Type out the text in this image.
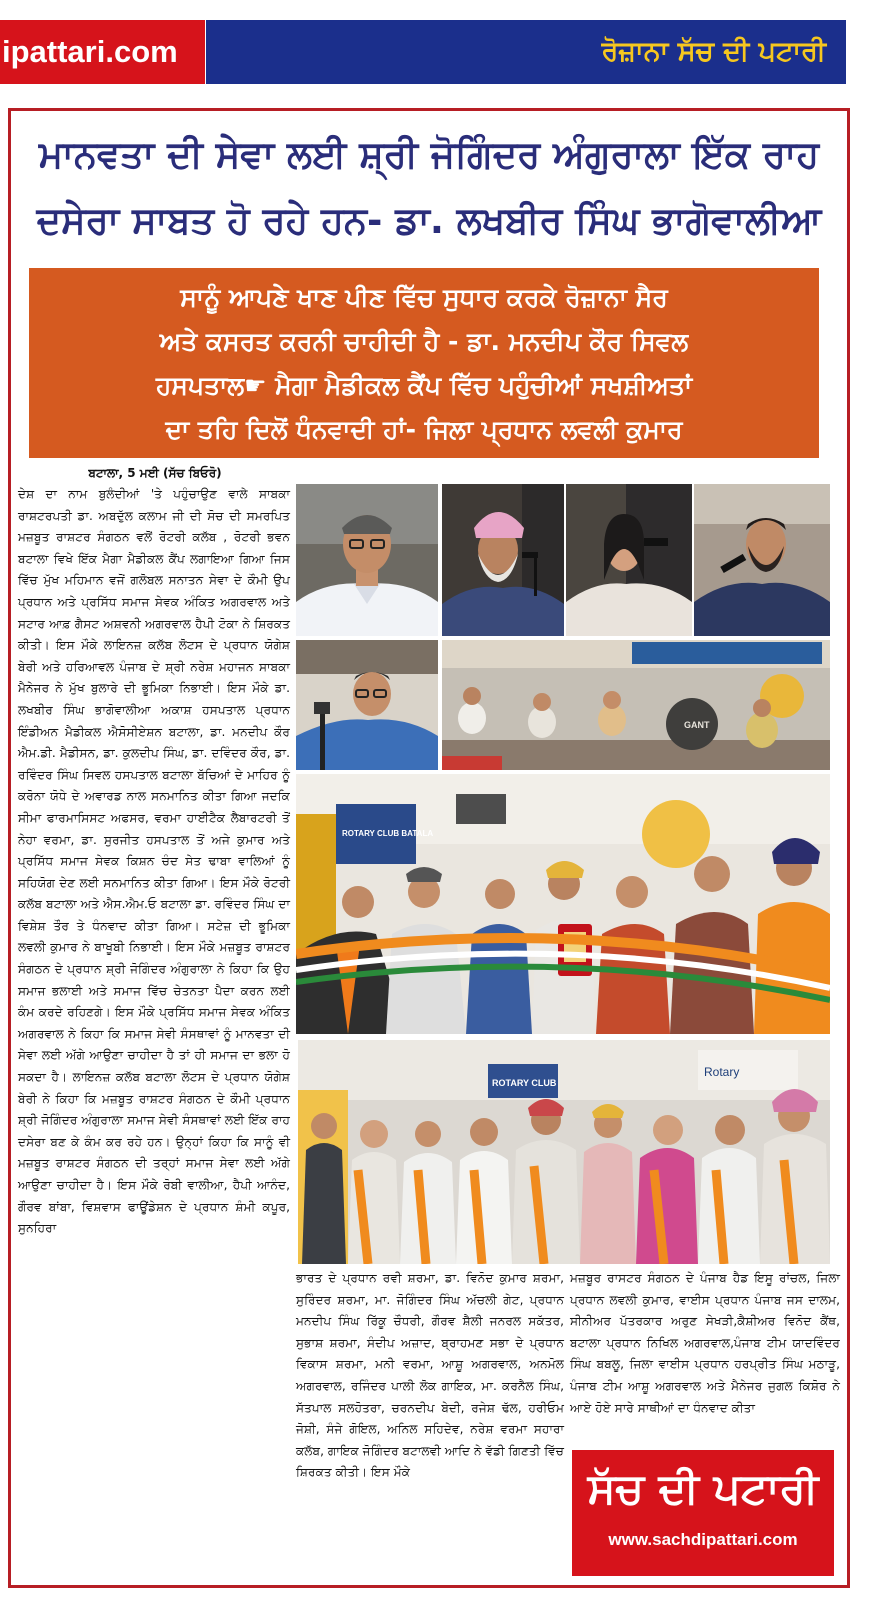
ipattari.com	ਰੋਜ਼ਾਨਾ ਸੱਚ ਦੀ ਪਟਾਰੀ
ਮਾਨਵਤਾ ਦੀ ਸੇਵਾ ਲਈ ਸ਼੍ਰੀ ਜੋਗਿੰਦਰ ਅੰਗੁਰਾਲਾ ਇੱਕ ਰਾਹ
ਦਸੇਰਾ ਸਾਬਤ ਹੋ ਰਹੇ ਹਨ- ਡਾ. ਲਖਬੀਰ ਸਿੰਘ ਭਾਗੋਵਾਲੀਆ
ਸਾਨੂੰ ਆਪਣੇ ਖਾਣ ਪੀਣ ਵਿੱਚ ਸੁਧਾਰ ਕਰਕੇ ਰੋਜ਼ਾਨਾ ਸੈਰ
ਅਤੇ ਕਸਰਤ ਕਰਨੀ ਚਾਹੀਦੀ ਹੈ - ਡਾ. ਮਨਦੀਪ ਕੌਰ ਸਿਵਲ
ਹਸਪਤਾਲ☛ ਮੈਗਾ ਮੈਡੀਕਲ ਕੈਂਪ ਵਿੱਚ ਪਹੁੰਚੀਆਂ ਸਖਸ਼ੀਅਤਾਂ
ਦਾ ਤਹਿ ਦਿਲੋਂ ਧੰਨਵਾਦੀ ਹਾਂ- ਜਿਲਾ ਪ੍ਰਧਾਨ ਲਵਲੀ ਕੁਮਾਰ
ਬਟਾਲਾ, 5 ਮਈ (ਸੱਚ ਬਿਓਰੋ)
ਦੇਸ਼ ਦਾ ਨਾਮ ਬੁਲੰਦੀਆਂ 'ਤੇ ਪਹੁੰਚਾਉਣ ਵਾਲੇ ਸਾਬਕਾ ਰਾਸ਼ਟਰਪਤੀ ਡਾ. ਅਬਦੁੱਲ ਕਲਾਮ ਜੀ ਦੀ ਸੋਚ ਦੀ ਸਮਰਪਿਤ ਮਜ਼ਬੂਤ ਰਾਸ਼ਟਰ ਸੰਗਠਨ ਵਲੋਂ ਰੋਟਰੀ ਕਲੱਬ , ਰੋਟਰੀ ਭਵਨ ਬਟਾਲਾ ਵਿਖੇ ਇੱਕ ਮੈਗਾ ਮੈਡੀਕਲ ਕੈਂਪ ਲਗਾਇਆ ਗਿਆ ਜਿਸ ਵਿੱਚ ਮੁੱਖ ਮਹਿਮਾਨ ਵਜੋਂ ਗਲੋਬਲ ਸਨਾਤਨ ਸੇਵਾ ਦੇ ਕੌਮੀ ਉਪ ਪ੍ਰਧਾਨ ਅਤੇ ਪ੍ਰਸਿੱਧ ਸਮਾਜ ਸੇਵਕ ਅੰਕਿਤ ਅਗਰਵਾਲ ਅਤੇ ਸਟਾਰ ਆਫ਼ ਗੈਸਟ ਅਸ਼ਵਨੀ ਅਗਰਵਾਲ ਹੈਪੀ ਟੋਕਾ ਨੇ ਸ਼ਿਰਕਤ ਕੀਤੀ। ਇਸ ਮੌਕੇ ਲਾਇਨਜ਼ ਕਲੱਬ ਲੋਟਸ ਦੇ ਪ੍ਰਧਾਨ ਯੋਗੇਸ਼ ਬੇਰੀ ਅਤੇ ਹਰਿਆਵਲ ਪੰਜਾਬ ਦੇ ਸ਼੍ਰੀ ਨਰੇਸ਼ ਮਹਾਜਨ ਸਾਬਕਾ ਮੈਨੇਜਰ ਨੇ ਮੁੱਖ ਬੁਲਾਰੇ ਦੀ ਭੂਮਿਕਾ ਨਿਭਾਈ। ਇਸ ਮੌਕੇ ਡਾ. ਲਖਬੀਰ ਸਿੰਘ ਭਾਗੋਵਾਲੀਆ ਅਕਾਸ਼ ਹਸਪਤਾਲ ਪ੍ਰਧਾਨ ਇੰਡੀਅਨ ਮੈਡੀਕਲ ਐਸੋਸੀਏਸ਼ਨ ਬਟਾਲਾ, ਡਾ. ਮਨਦੀਪ ਕੌਰ ਐਮ.ਡੀ. ਮੈਡੀਸਨ, ਡਾ. ਕੁਲਦੀਪ ਸਿੰਘ, ਡਾ. ਦਵਿੰਦਰ ਕੌਰ, ਡਾ. ਰਵਿੰਦਰ ਸਿੰਘ ਸਿਵਲ ਹਸਪਤਾਲ ਬਟਾਲਾ ਬੱਚਿਆਂ ਦੇ ਮਾਹਿਰ ਨੂੰ ਕਰੋਨਾ ਯੋਧੇ ਦੇ ਅਵਾਰਡ ਨਾਲ ਸਨਮਾਨਿਤ ਕੀਤਾ ਗਿਆ ਜਦਕਿ ਸੀਮਾ ਫਾਰਮਾਸਿਸਟ ਅਫਸਰ, ਵਰਮਾ ਹਾਈਟੈਕ ਲੈਬਾਰਟਰੀ ਤੋਂ ਨੇਹਾ ਵਰਮਾ, ਡਾ. ਸੁਰਜੀਤ ਹਸਪਤਾਲ ਤੋਂ ਅਜੇ ਕੁਮਾਰ ਅਤੇ ਪ੍ਰਸਿੱਧ ਸਮਾਜ ਸੇਵਕ ਕਿਸ਼ਨ ਚੰਦ ਸੇਤ ਢਾਬਾ ਵਾਲਿਆਂ ਨੂੰ ਸਹਿਯੋਗ ਦੇਣ ਲਈ ਸਨਮਾਨਿਤ ਕੀਤਾ ਗਿਆ। ਇਸ ਮੌਕੇ ਰੋਟਰੀ ਕਲੱਬ ਬਟਾਲਾ ਅਤੇ ਐਸ.ਐਮ.ਓ ਬਟਾਲਾ ਡਾ. ਰਵਿੰਦਰ ਸਿੰਘ ਦਾ ਵਿਸ਼ੇਸ਼ ਤੌਰ ਤੇ ਧੰਨਵਾਦ ਕੀਤਾ ਗਿਆ। ਸਟੇਜ਼ ਦੀ ਭੂਮਿਕਾ ਲਵਲੀ ਕੁਮਾਰ ਨੇ ਬਾਖੂਬੀ ਨਿਭਾਈ। ਇਸ ਮੌਕੇ ਮਜ਼ਬੂਤ ਰਾਸ਼ਟਰ ਸੰਗਠਨ ਦੇ ਪ੍ਰਧਾਨ ਸ਼੍ਰੀ ਜੋਗਿੰਦਰ ਅੰਗੁਰਾਲਾ ਨੇ ਕਿਹਾ ਕਿ ਉਹ ਸਮਾਜ ਭਲਾਈ ਅਤੇ ਸਮਾਜ ਵਿੱਚ ਚੇਤਨਤਾ ਪੈਦਾ ਕਰਨ ਲਈ ਕੰਮ ਕਰਦੇ ਰਹਿਣਗੇ। ਇਸ ਮੌਕੇ ਪ੍ਰਸਿੱਧ ਸਮਾਜ ਸੇਵਕ ਅੰਕਿਤ ਅਗਰਵਾਲ ਨੇ ਕਿਹਾ ਕਿ ਸਮਾਜ ਸੇਵੀ ਸੰਸਥਾਵਾਂ ਨੂੰ ਮਾਨਵਤਾ ਦੀ ਸੇਵਾ ਲਈ ਅੱਗੇ ਆਉਣਾ ਚਾਹੀਦਾ ਹੈ ਤਾਂ ਹੀ ਸਮਾਜ ਦਾ ਭਲਾ ਹੋ ਸਕਦਾ ਹੈ। ਲਾਇਨਜ਼ ਕਲੱਬ ਬਟਾਲਾ ਲੋਟਸ ਦੇ ਪ੍ਰਧਾਨ ਯੋਗੇਸ਼ ਬੇਰੀ ਨੇ ਕਿਹਾ ਕਿ ਮਜ਼ਬੂਤ ਰਾਸ਼ਟਰ ਸੰਗਠਨ ਦੇ ਕੌਮੀ ਪ੍ਰਧਾਨ ਸ਼੍ਰੀ ਜੋਗਿੰਦਰ ਅੰਗੁਰਾਲਾ ਸਮਾਜ ਸੇਵੀ ਸੰਸਥਾਵਾਂ ਲਈ ਇੱਕ ਰਾਹ ਦਸੇਰਾ ਬਣ ਕੇ ਕੰਮ ਕਰ ਰਹੇ ਹਨ। ਉਨ੍ਹਾਂ ਕਿਹਾ ਕਿ ਸਾਨੂੰ ਵੀ ਮਜ਼ਬੂਤ ਰਾਸ਼ਟਰ ਸੰਗਠਨ ਦੀ ਤਰ੍ਹਾਂ ਸਮਾਜ ਸੇਵਾ ਲਈ ਅੱਗੇ ਆਉਣਾ ਚਾਹੀਦਾ ਹੈ। ਇਸ ਮੌਕੇ ਰੋਬੀ ਵਾਲੀਆ, ਹੈਪੀ ਆਨੰਦ, ਗੌਰਵ ਬਾਂਬਾ, ਵਿਸ਼ਵਾਸ ਫਾਊਂਡੇਸ਼ਨ ਦੇ ਪ੍ਰਧਾਨ ਸ਼ੰਮੀ ਕਪੂਰ, ਸੁਨਹਿਰਾ
ਭਾਰਤ ਦੇ ਪ੍ਰਧਾਨ ਰਵੀ ਸ਼ਰਮਾ, ਡਾ. ਵਿਨੋਦ ਕੁਮਾਰ ਸ਼ਰਮਾ, ਸੁਰਿੰਦਰ ਸ਼ਰਮਾ, ਮਾ. ਜੋਗਿੰਦਰ ਸਿੰਘ ਅੱਚਲੀ ਗੇਟ, ਪ੍ਰਧਾਨ ਮਨਦੀਪ ਸਿੰਘ ਰਿੱਕੂ ਚੌਧਰੀ, ਗੌਰਵ ਸ਼ੈਲੀ ਜਨਰਲ ਸਕੱਤਰ, ਸੁਭਾਸ਼ ਸ਼ਰਮਾ, ਸੰਦੀਪ ਅਜ਼ਾਦ, ਬ੍ਰਾਹਮਣ ਸਭਾ ਦੇ ਪ੍ਰਧਾਨ ਵਿਕਾਸ ਸ਼ਰਮਾ, ਮਨੀ ਵਰਮਾ, ਆਸ਼ੂ ਅਗਰਵਾਲ, ਅਨਮੋਲ ਅਗਰਵਾਲ, ਰਜਿੰਦਰ ਪਾਲੀ ਲੋਕ ਗਾਇਕ, ਮਾ. ਕਰਨੈਲ ਸਿੰਘ, ਸੱਤਪਾਲ ਸਲਹੋਤਰਾ, ਚਰਨਦੀਪ ਬੇਦੀ, ਰਜੇਸ਼ ਢੱਲ, ਹਰੀਓਮ ਜੋਸ਼ੀ, ਸੰਜੇ ਗੋਇਲ, ਅਨਿਲ ਸਹਿਦੇਵ, ਨਰੇਸ਼ ਵਰਮਾ ਸਹਾਰਾ ਕਲੱਬ, ਗਾਇਕ ਜੋਗਿੰਦਰ ਬਟਾਲਵੀ ਆਦਿ ਨੇ ਵੱਡੀ ਗਿਣਤੀ ਵਿੱਚ ਸ਼ਿਰਕਤ ਕੀਤੀ। ਇਸ ਮੌਕੇ
ਮਜ਼ਬੂਰ ਰਾਸਟਰ ਸੰਗਠਨ ਦੇ ਪੰਜਾਬ ਹੈਡ ਇਸੂ ਰਾਂਚਲ, ਜਿਲਾ ਪ੍ਰਧਾਨ ਲਵਲੀ ਕੁਮਾਰ, ਵਾਈਸ ਪ੍ਰਧਾਨ ਪੰਜਾਬ ਜਸ ਦਾਲਮ, ਸੀਨੀਅਰ ਪੱਤਰਕਾਰ ਅਰੁਣ ਸੇਖੜੀ,ਕੈਸ਼ੀਅਰ ਵਿਨੋਦ ਕੈਂਥ, ਬਟਾਲਾ ਪ੍ਰਧਾਨ ਨਿਖਿਲ ਅਗਰਵਾਲ,ਪੰਜਾਬ ਟੀਮ ਯਾਦਵਿੰਦਰ ਸਿੰਘ ਬਬਲੂ, ਜਿਲਾ ਵਾਈਸ ਪ੍ਰਧਾਨ ਹਰਪ੍ਰੀਤ ਸਿੰਘ ਮਠਾੜੂ, ਪੰਜਾਬ ਟੀਮ ਆਸ਼ੂ ਅਗਰਵਾਲ ਅਤੇ ਮੈਨੇਜਰ ਜੁਗਲ ਕਿਸ਼ੋਰ ਨੇ ਆਏ ਹੋਏ ਸਾਰੇ ਸਾਥੀਆਂ ਦਾ ਧੰਨਵਾਦ ਕੀਤਾ
GANT
ROTARY CLUB BATALA
ROTARY CLUB
Rotary
ਸੱਚ ਦੀ ਪਟਾਰੀ
www.sachdipattari.com
